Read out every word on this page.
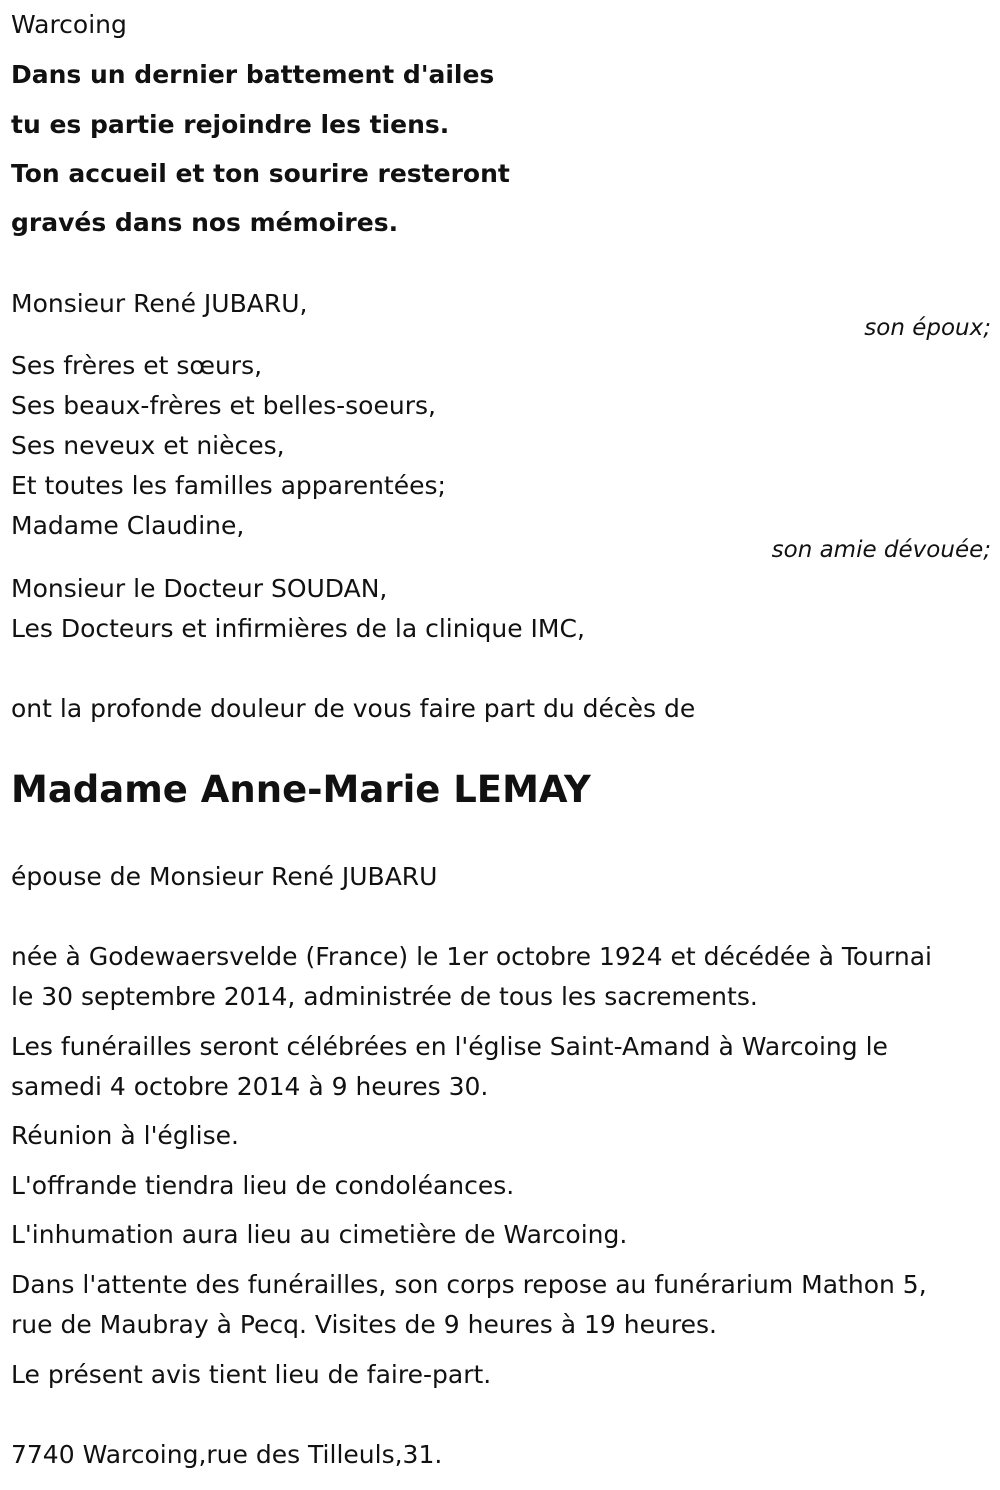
Warcoing
Dans un dernier battement d'ailes
tu es partie rejoindre les tiens.
Ton accueil et ton sourire resteront
gravés dans nos mémoires.
Monsieur René JUBARU,
son époux;
Ses frères et sœurs,
Ses beaux-frères et belles-soeurs,
Ses neveux et nièces,
Et toutes les familles apparentées;
Madame Claudine,
son amie dévouée;
Monsieur le Docteur SOUDAN,
Les Docteurs et infirmières de la clinique IMC,
ont la profonde douleur de vous faire part du décès de
Madame Anne-Marie LEMAY
épouse de Monsieur René JUBARU
née à Godewaersvelde (France) le 1er octobre 1924 et décédée à Tournai
le 30 septembre 2014, administrée de tous les sacrements.
Les funérailles seront célébrées en l'église Saint-Amand à Warcoing le
samedi 4 octobre 2014 à 9 heures 30.
Réunion à l'église.
L'offrande tiendra lieu de condoléances.
L'inhumation aura lieu au cimetière de Warcoing.
Dans l'attente des funérailles, son corps repose au funérarium Mathon 5,
rue de Maubray à Pecq. Visites de 9 heures à 19 heures.
Le présent avis tient lieu de faire-part.
7740 Warcoing,rue des Tilleuls,31.
